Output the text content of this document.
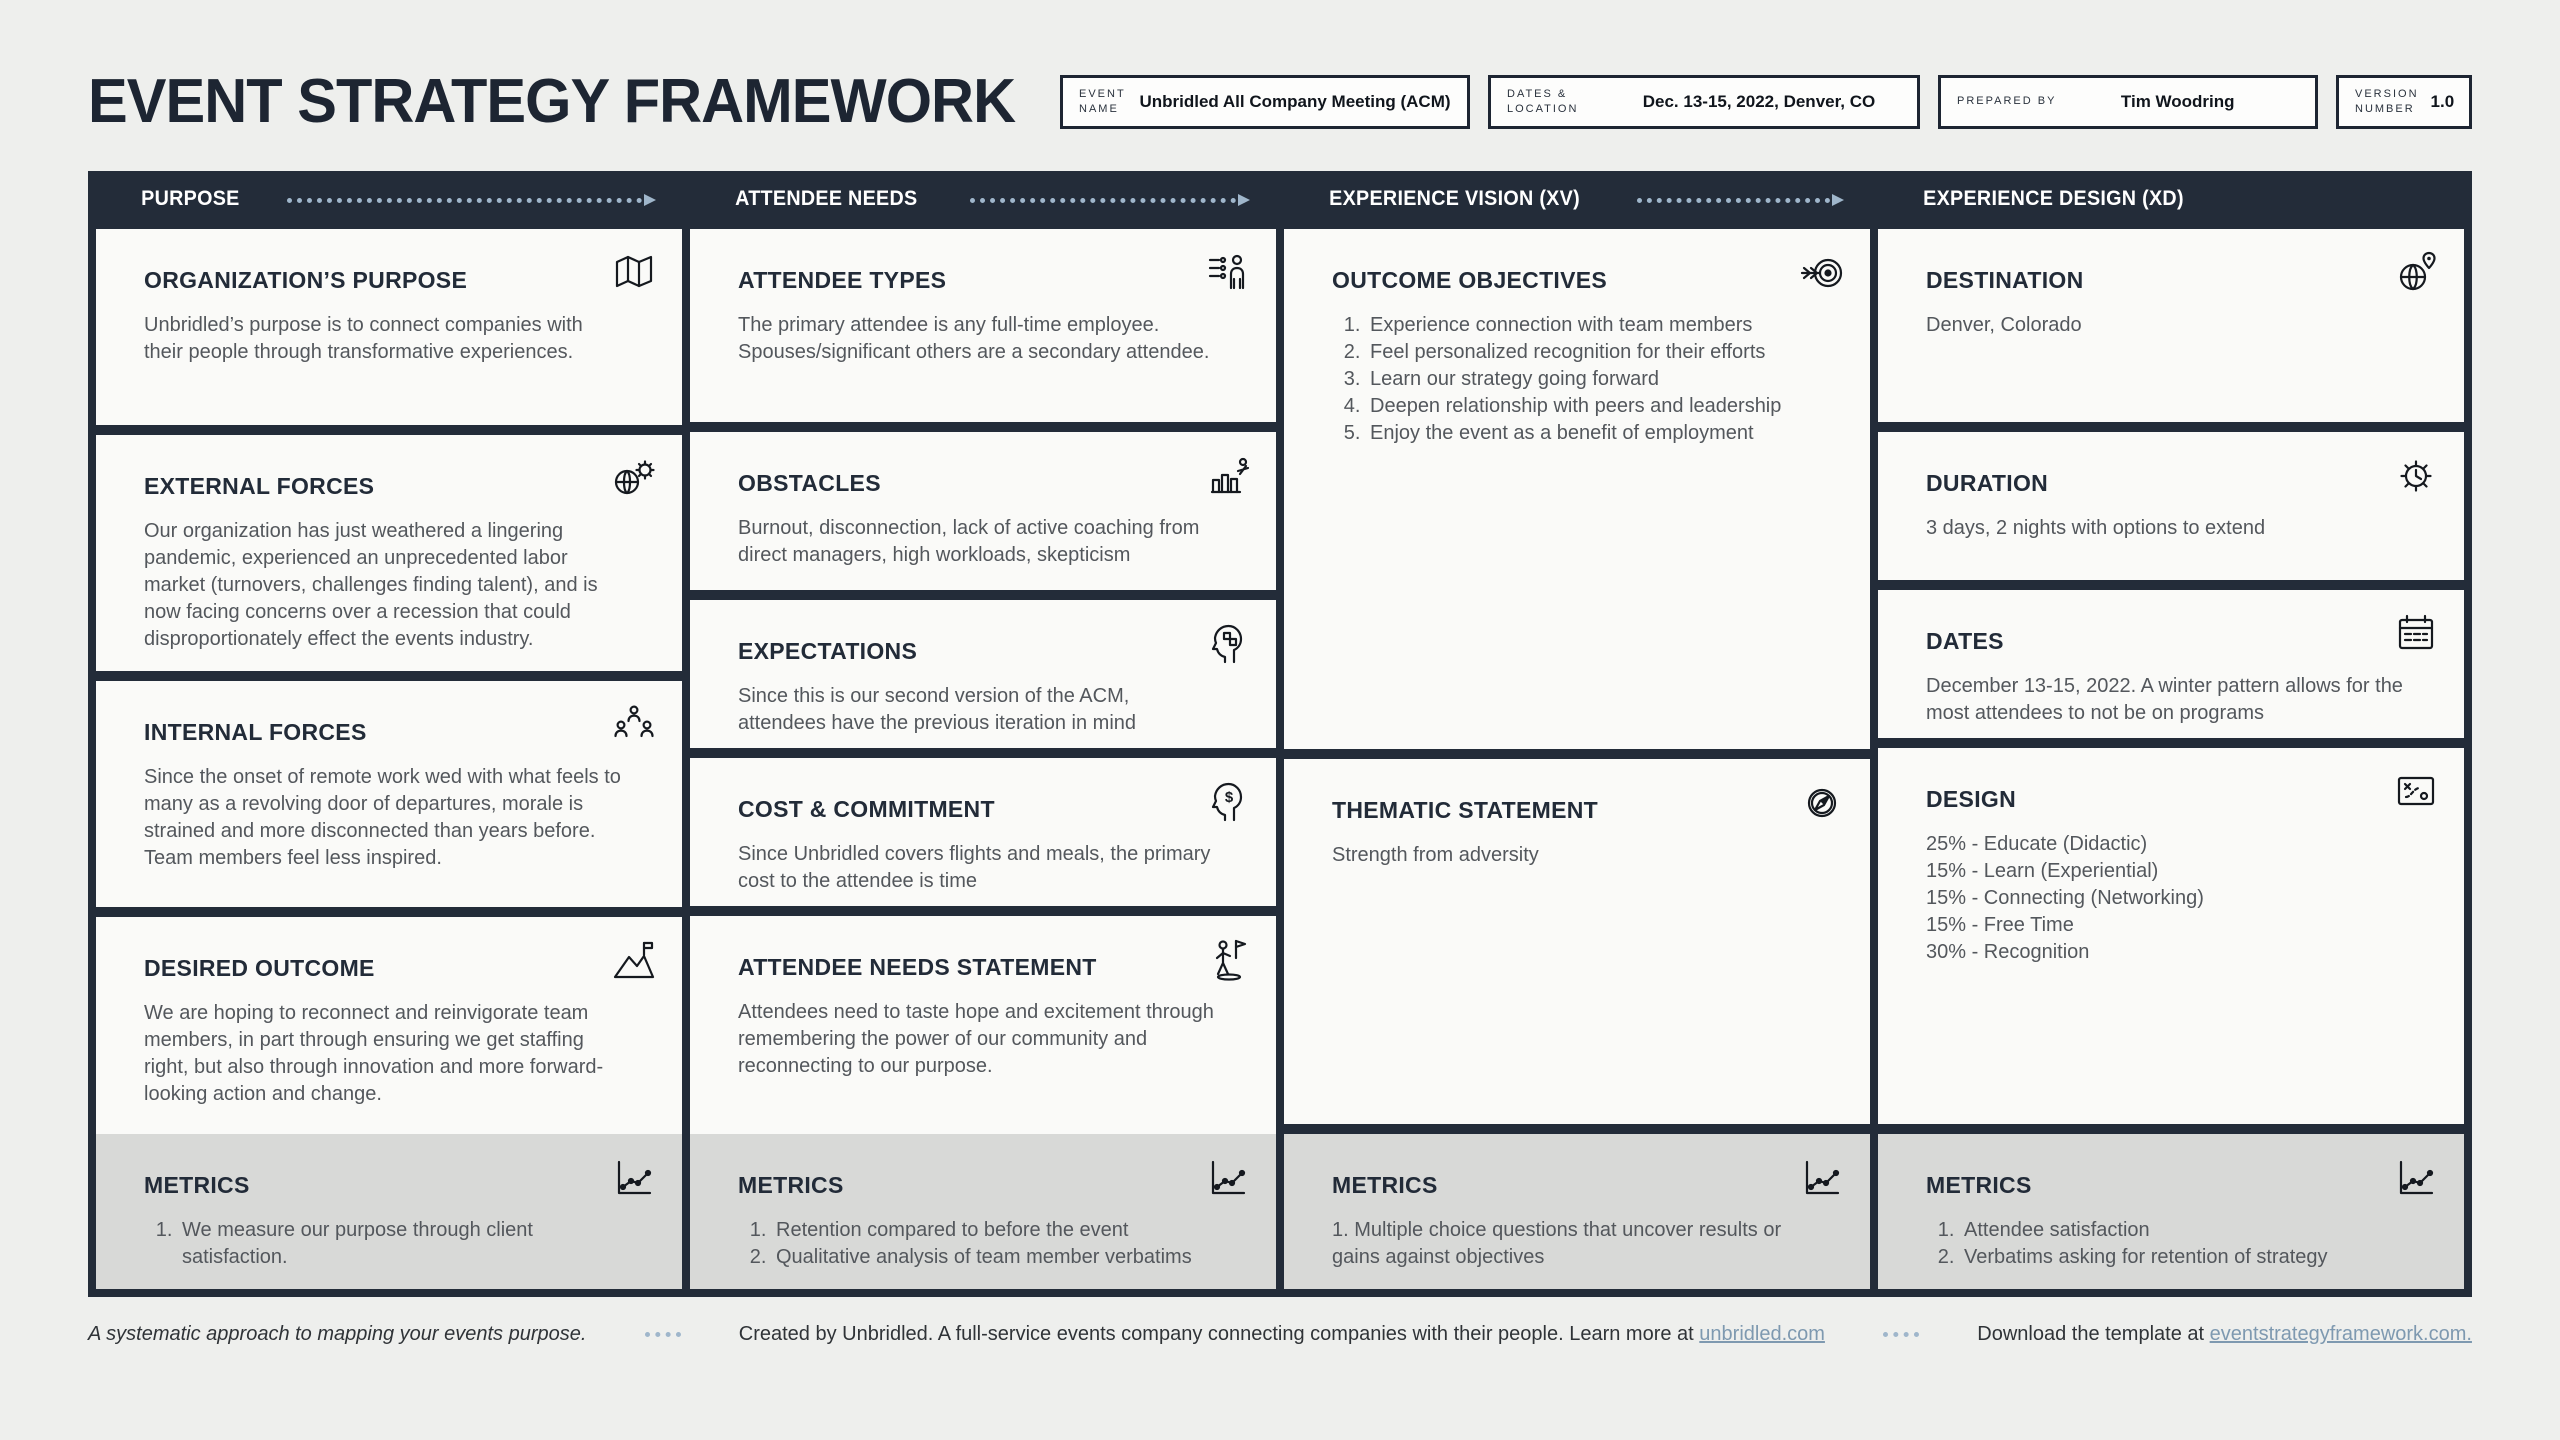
EVENT STRATEGY FRAMEWORK	EVENT NAME	Unbridled All Company Meeting (ACM)	DATES & LOCATION	Dec. 13-15, 2022, Denver, CO	PREPARED BY	Tim Woodring	VERSION NUMBER 1.0
PURPOSE	ATTENDEE NEEDS	EXPERIENCE VISION (XV)	EXPERIENCE DESIGN (XD)
ORGANIZATION’S PURPOSE

Unbridled’s purpose is to connect companies with their people through transformative experiences.

EXTERNAL FORCES

Our organization has just weathered a lingering pandemic, experienced an unprecedented labor market (turnovers, challenges finding talent), and is now facing concerns over a recession that could disproportionately effect the events industry.

INTERNAL FORCES

Since the onset of remote work wed with what feels to many as a revolving door of departures, morale is strained and more disconnected than years before. Team members feel less inspired.

DESIRED OUTCOME

We are hoping to reconnect and reinvigorate team members, in part through ensuring we get staffing right, but also through innovation and more forward-looking action and change.

METRICS
1. We measure our purpose through client satisfaction.
ATTENDEE TYPES

The primary attendee is any full-time employee. Spouses/significant others are a secondary attendee.

OBSTACLES

Burnout, disconnection, lack of active coaching from direct managers, high workloads, skepticism

EXPECTATIONS

Since this is our second version of the ACM, attendees have the previous iteration in mind

$
COST & COMMITMENT

Since Unbridled covers flights and meals, the primary cost to the attendee is time

ATTENDEE NEEDS STATEMENT

Attendees need to taste hope and excitement through remembering the power of our community and reconnecting to our purpose.

METRICS
1. Retention compared to before the event
2. Qualitative analysis of team member verbatims
OUTCOME OBJECTIVES
1. Experience connection with team members
2. Feel personalized recognition for their efforts
3. Learn our strategy going forward
4. Deepen relationship with peers and leadership
5. Enjoy the event as a benefit of employment
THEMATIC STATEMENT

Strength from adversity

METRICS

1. Multiple choice questions that uncover results or gains against objectives

DESTINATION

Denver, Colorado

DURATION

3 days, 2 nights with options to extend

DATES

December 13-15, 2022. A winter pattern allows for the most attendees to not be on programs

DESIGN

25% - Educate (Didactic)

15% - Learn (Experiential)

15% - Connecting (Networking)

15% - Free Time

30% - Recognition

METRICS
1. Attendee satisfaction
2. Verbatims asking for retention of strategy
A systematic approach to mapping your events purpose.	Created by Unbridled. A full-service events company connecting companies with their people. Learn more at unbridled.com	Download the template at eventstrategyframework.com.
